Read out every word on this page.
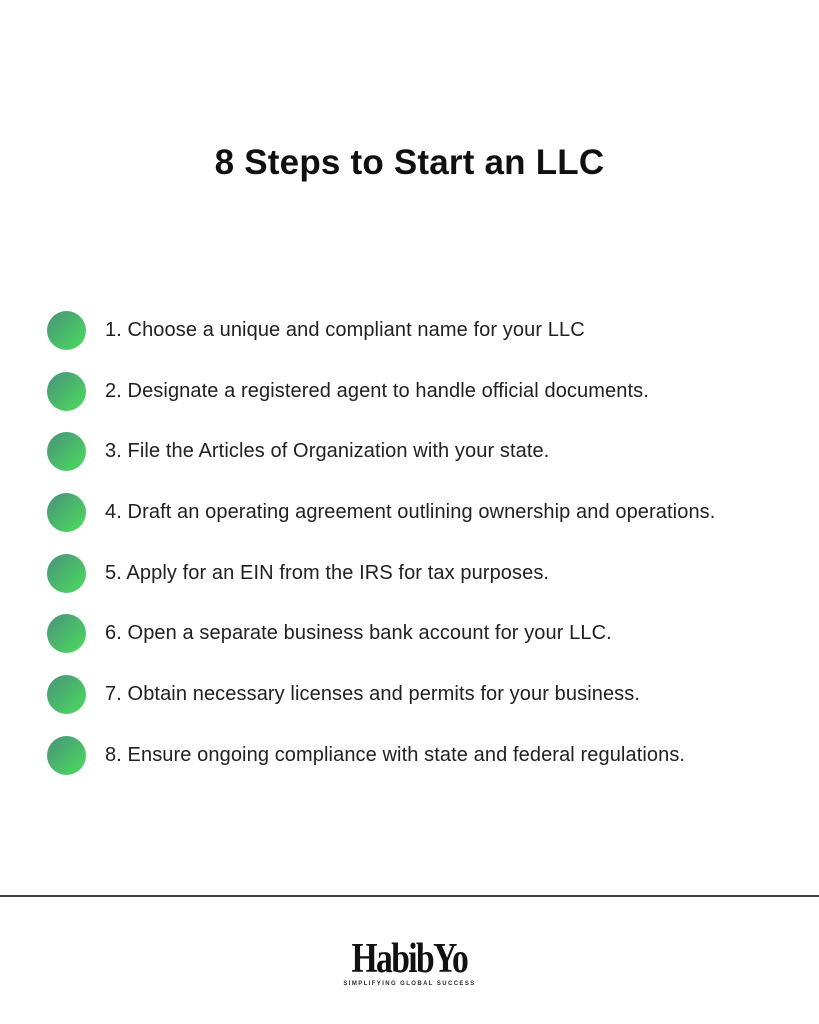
8 Steps to Start an LLC
1. Choose a unique and compliant name for your LLC
2. Designate a registered agent to handle official documents.
3. File the Articles of Organization with your state.
4. Draft an operating agreement outlining ownership and operations.
5. Apply for an EIN from the IRS for tax purposes.
6. Open a separate business bank account for your LLC.
7. Obtain necessary licenses and permits for your business.
8. Ensure ongoing compliance with state and federal regulations.
HabibYo
SIMPLIFYING GLOBAL SUCCESS
